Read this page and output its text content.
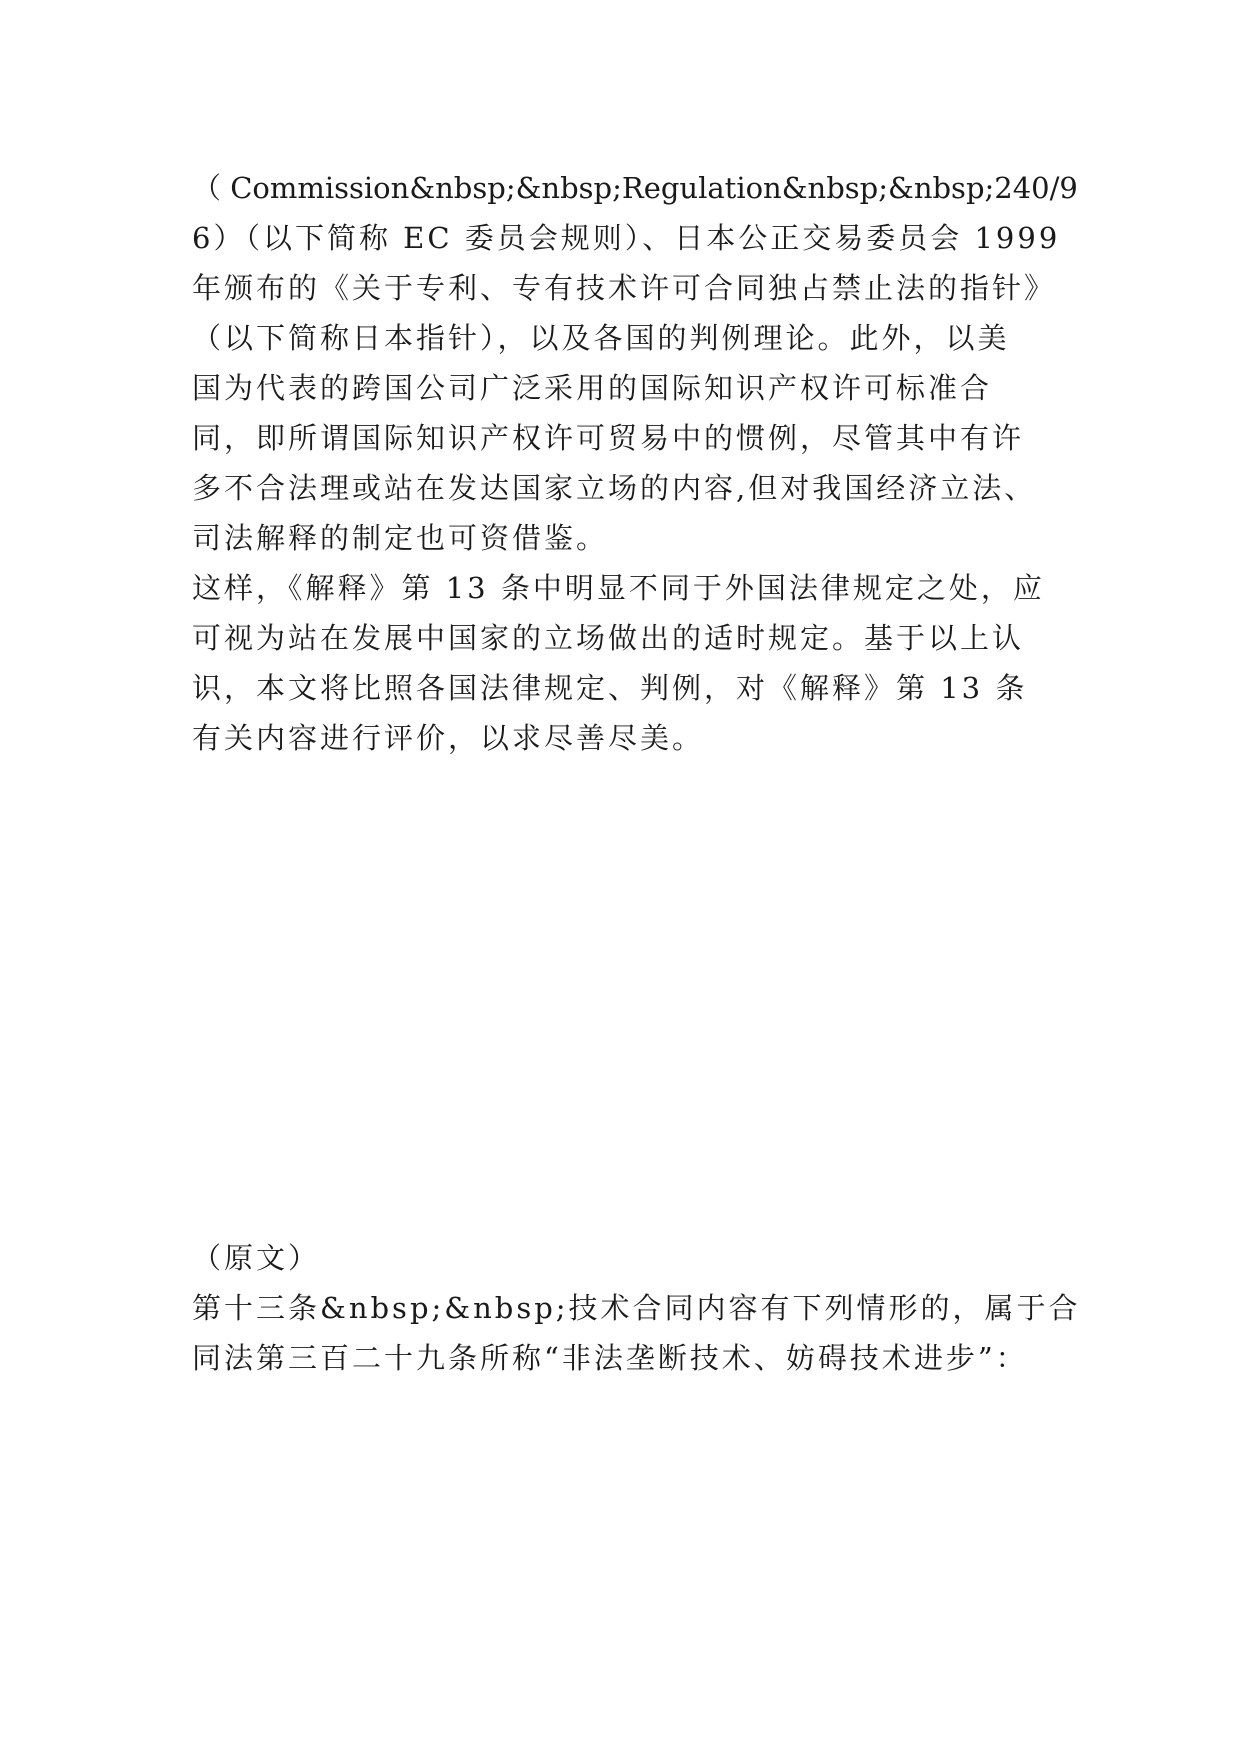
（ Commission&nbsp;&nbsp;Regulation&nbsp;&nbsp;240/9
6）（以下简称 EC 委员会规则）、日本公正交易委员会 1999
年颁布的《关于专利、专有技术许可合同独占禁止法的指针》
（以下简称日本指针），以及各国的判例理论。此外，以美
国为代表的跨国公司广泛采用的国际知识产权许可标准合
同，即所谓国际知识产权许可贸易中的惯例，尽管其中有许
多不合法理或站在发达国家立场的内容,但对我国经济立法、
司法解释的制定也可资借鉴。
这样，《解释》第 13 条中明显不同于外国法律规定之处，应
可视为站在发展中国家的立场做出的适时规定。基于以上认
识，本文将比照各国法律规定、判例，对《解释》第 13 条
有关内容进行评价，以求尽善尽美。
（原文）
第十三条&nbsp;&nbsp;技术合同内容有下列情形的，属于合
同法第三百二十九条所称“非法垄断技术、妨碍技术进步”：
